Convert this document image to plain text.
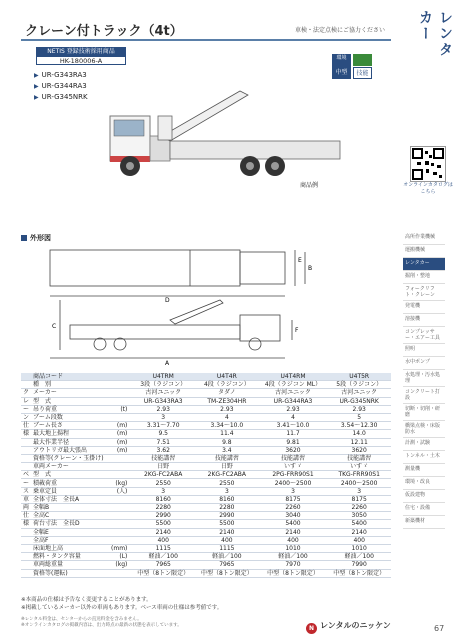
クレーン付トラック（4t）	車検・法定点検にご協力ください	レンタカー
NETIS 登録技術採用商品
HK-180006-A
▶ UR-G343RA3
▶ UR-G344RA3
▶ UR-G345NRK
環境
中型	技能
商品例	オンラインカタログはこちら
高所作業機械
運搬機械
レンタカー
掘削・整地
フォークリフト・クレーン
発電機
溶接機
コンプレッサー・エアー工具
照明
水中ポンプ
水処理・汚水処理
コンクリート打設
切断・切削・研磨
橋梁点検・床版防水
計測・試験
トンネル・土木
測量機
環境・改良
仮設建物
住宅・設備
新築機材
外形図
E
B
D
C
F
A
	商品コード		U4TRM	U4T4R	U4T4RM	U4T5R
	種　別		3段（ラジコン）	4段（ラジコン）	4段（ラジコン ML）	5段（ラジコン）
ク	メーカー		古河ユニック	タダノ	古河ユニック	古河ユニック
レ	型　式		UR-G343RA3	TM-ZE304HR	UR-G344RA3	UR-G345NRK
ー	吊り荷重	(t)	2.93	2.93	2.93	2.93
ン	ブーム段数		3	4	4	5
仕	ブーム長さ	(m)	3.31〜7.70	3.34〜10.0	3.41〜10.0	3.54〜12.30
様	最大地上揚程	(m)	9.5	11.4	11.7	14.0
	最大作業半径	(m)	7.51	9.8	9.81	12.11
	アウトリガ最大張出	(m)	3.62	3.4	3620	3620
	資格等(クレーン・玉掛け)		技能講習	技能講習	技能講習	技能講習
	車両メーカー		日野	日野	いすゞ	いすゞ
ベ	型　式		2KG-FC2ABA	2KG-FC2ABA	2PG-FRR90S1	TKG-FRR90S1
ー	積載荷重	(kg)	2550	2550	2400〜2500	2400〜2500
ス	乗車定員	(人)	3	3	3	3
車	全体寸法　全長A		8160	8160	8175	8175
両	全幅B		2280	2280	2260	2260
仕	全高C		2990	2990	3040	3050
様	荷台寸法　全長D		5500	5500	5400	5400
	全幅E		2140	2140	2140	2140
	全高F		400	400	400	400
	床面地上高	(mm)	1115	1115	1010	1010
	燃料・タンク容量	(L)	軽油／100	軽油／100	軽油／100	軽油／100
	車両総重量	(kg)	7965	7965	7970	7990
	資格等(運転)		中型（8トン限定）	中型（8トン限定）	中型（8トン限定）	中型（8トン限定）
※本商品の仕様は予告なく変更することがあります。
※掲載しているメーカー以外の車両もあります。ベース車両の仕様は参考値です。
※レンタル料金は、センターからの直送料金を含みません。
※オンラインカタログの掲載内容は、出力時点の最新の状態を表示しています。	N レンタルのニッケン	67
